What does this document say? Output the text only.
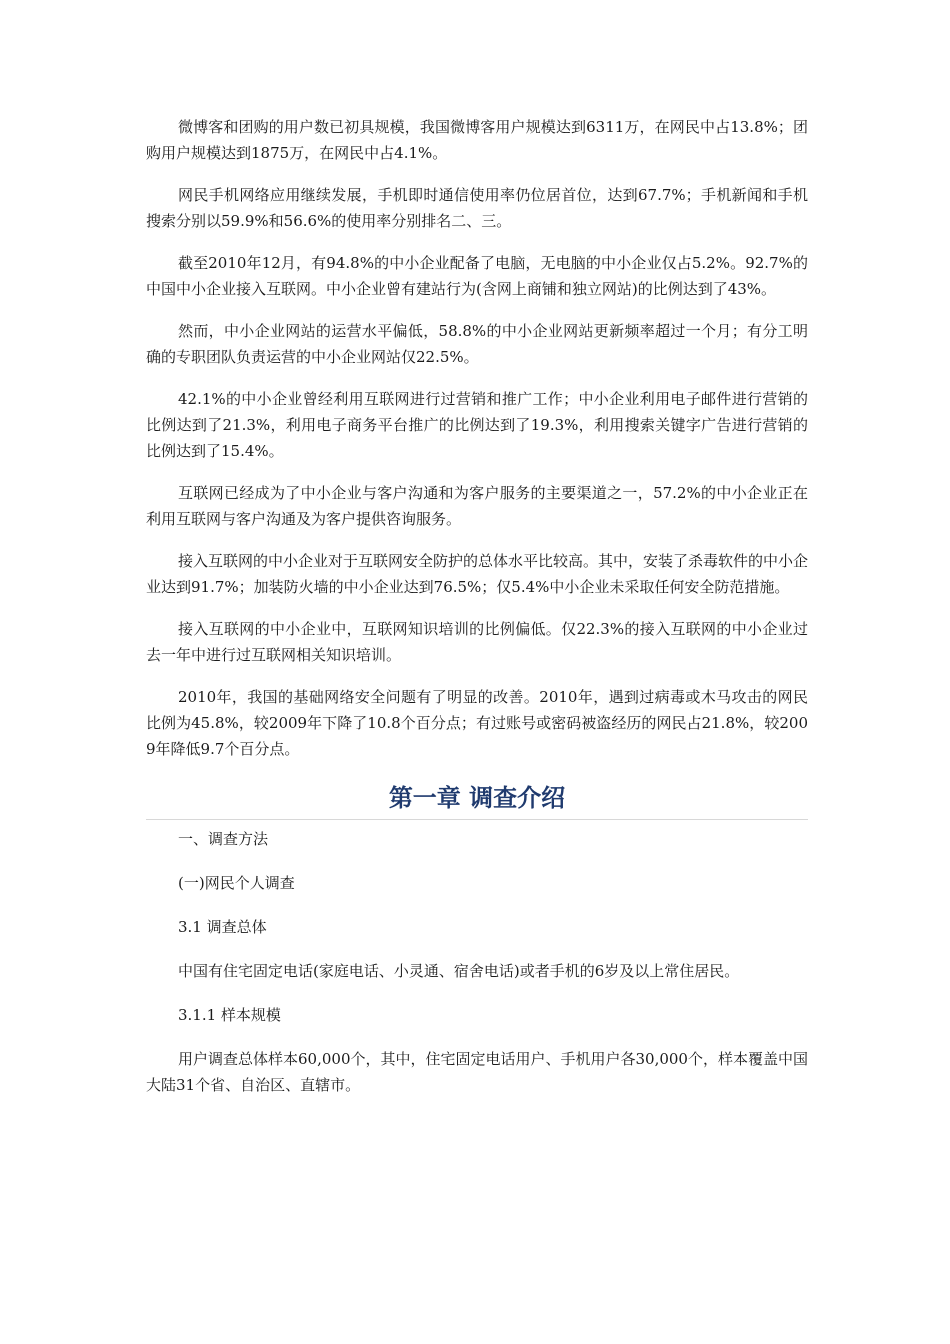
微博客和团购的用户数已初具规模，我国微博客用户规模达到6311万，在网民中占13.8%；团购用户规模达到1875万，在网民中占4.1%。

网民手机网络应用继续发展，手机即时通信使用率仍位居首位，达到67.7%；手机新闻和手机搜索分别以59.9%和56.6%的使用率分别排名二、三。

截至2010年12月，有94.8%的中小企业配备了电脑，无电脑的中小企业仅占5.2%。92.7%的中国中小企业接入互联网。中小企业曾有建站行为(含网上商铺和独立网站)的比例达到了43%。

然而，中小企业网站的运营水平偏低，58.8%的中小企业网站更新频率超过一个月；有分工明确的专职团队负责运营的中小企业网站仅22.5%。

42.1%的中小企业曾经利用互联网进行过营销和推广工作；中小企业利用电子邮件进行营销的比例达到了21.3%，利用电子商务平台推广的比例达到了19.3%，利用搜索关键字广告进行营销的比例达到了15.4%。

互联网已经成为了中小企业与客户沟通和为客户服务的主要渠道之一，57.2%的中小企业正在利用互联网与客户沟通及为客户提供咨询服务。

接入互联网的中小企业对于互联网安全防护的总体水平比较高。其中，安装了杀毒软件的中小企业达到91.7%；加装防火墙的中小企业达到76.5%；仅5.4%中小企业未采取任何安全防范措施。

接入互联网的中小企业中，互联网知识培训的比例偏低。仅22.3%的接入互联网的中小企业过去一年中进行过互联网相关知识培训。

2010年，我国的基础网络安全问题有了明显的改善。2010年，遇到过病毒或木马攻击的网民比例为45.8%，较2009年下降了10.8个百分点；有过账号或密码被盗经历的网民占21.8%，较2009年降低9.7个百分点。

第一章 调查介绍

一、调查方法

(一)网民个人调查

3.1 调查总体

中国有住宅固定电话(家庭电话、小灵通、宿舍电话)或者手机的6岁及以上常住居民。

3.1.1 样本规模

用户调查总体样本60,000个，其中，住宅固定电话用户、手机用户各30,000个，样本覆盖中国大陆31个省、自治区、直辖市。
